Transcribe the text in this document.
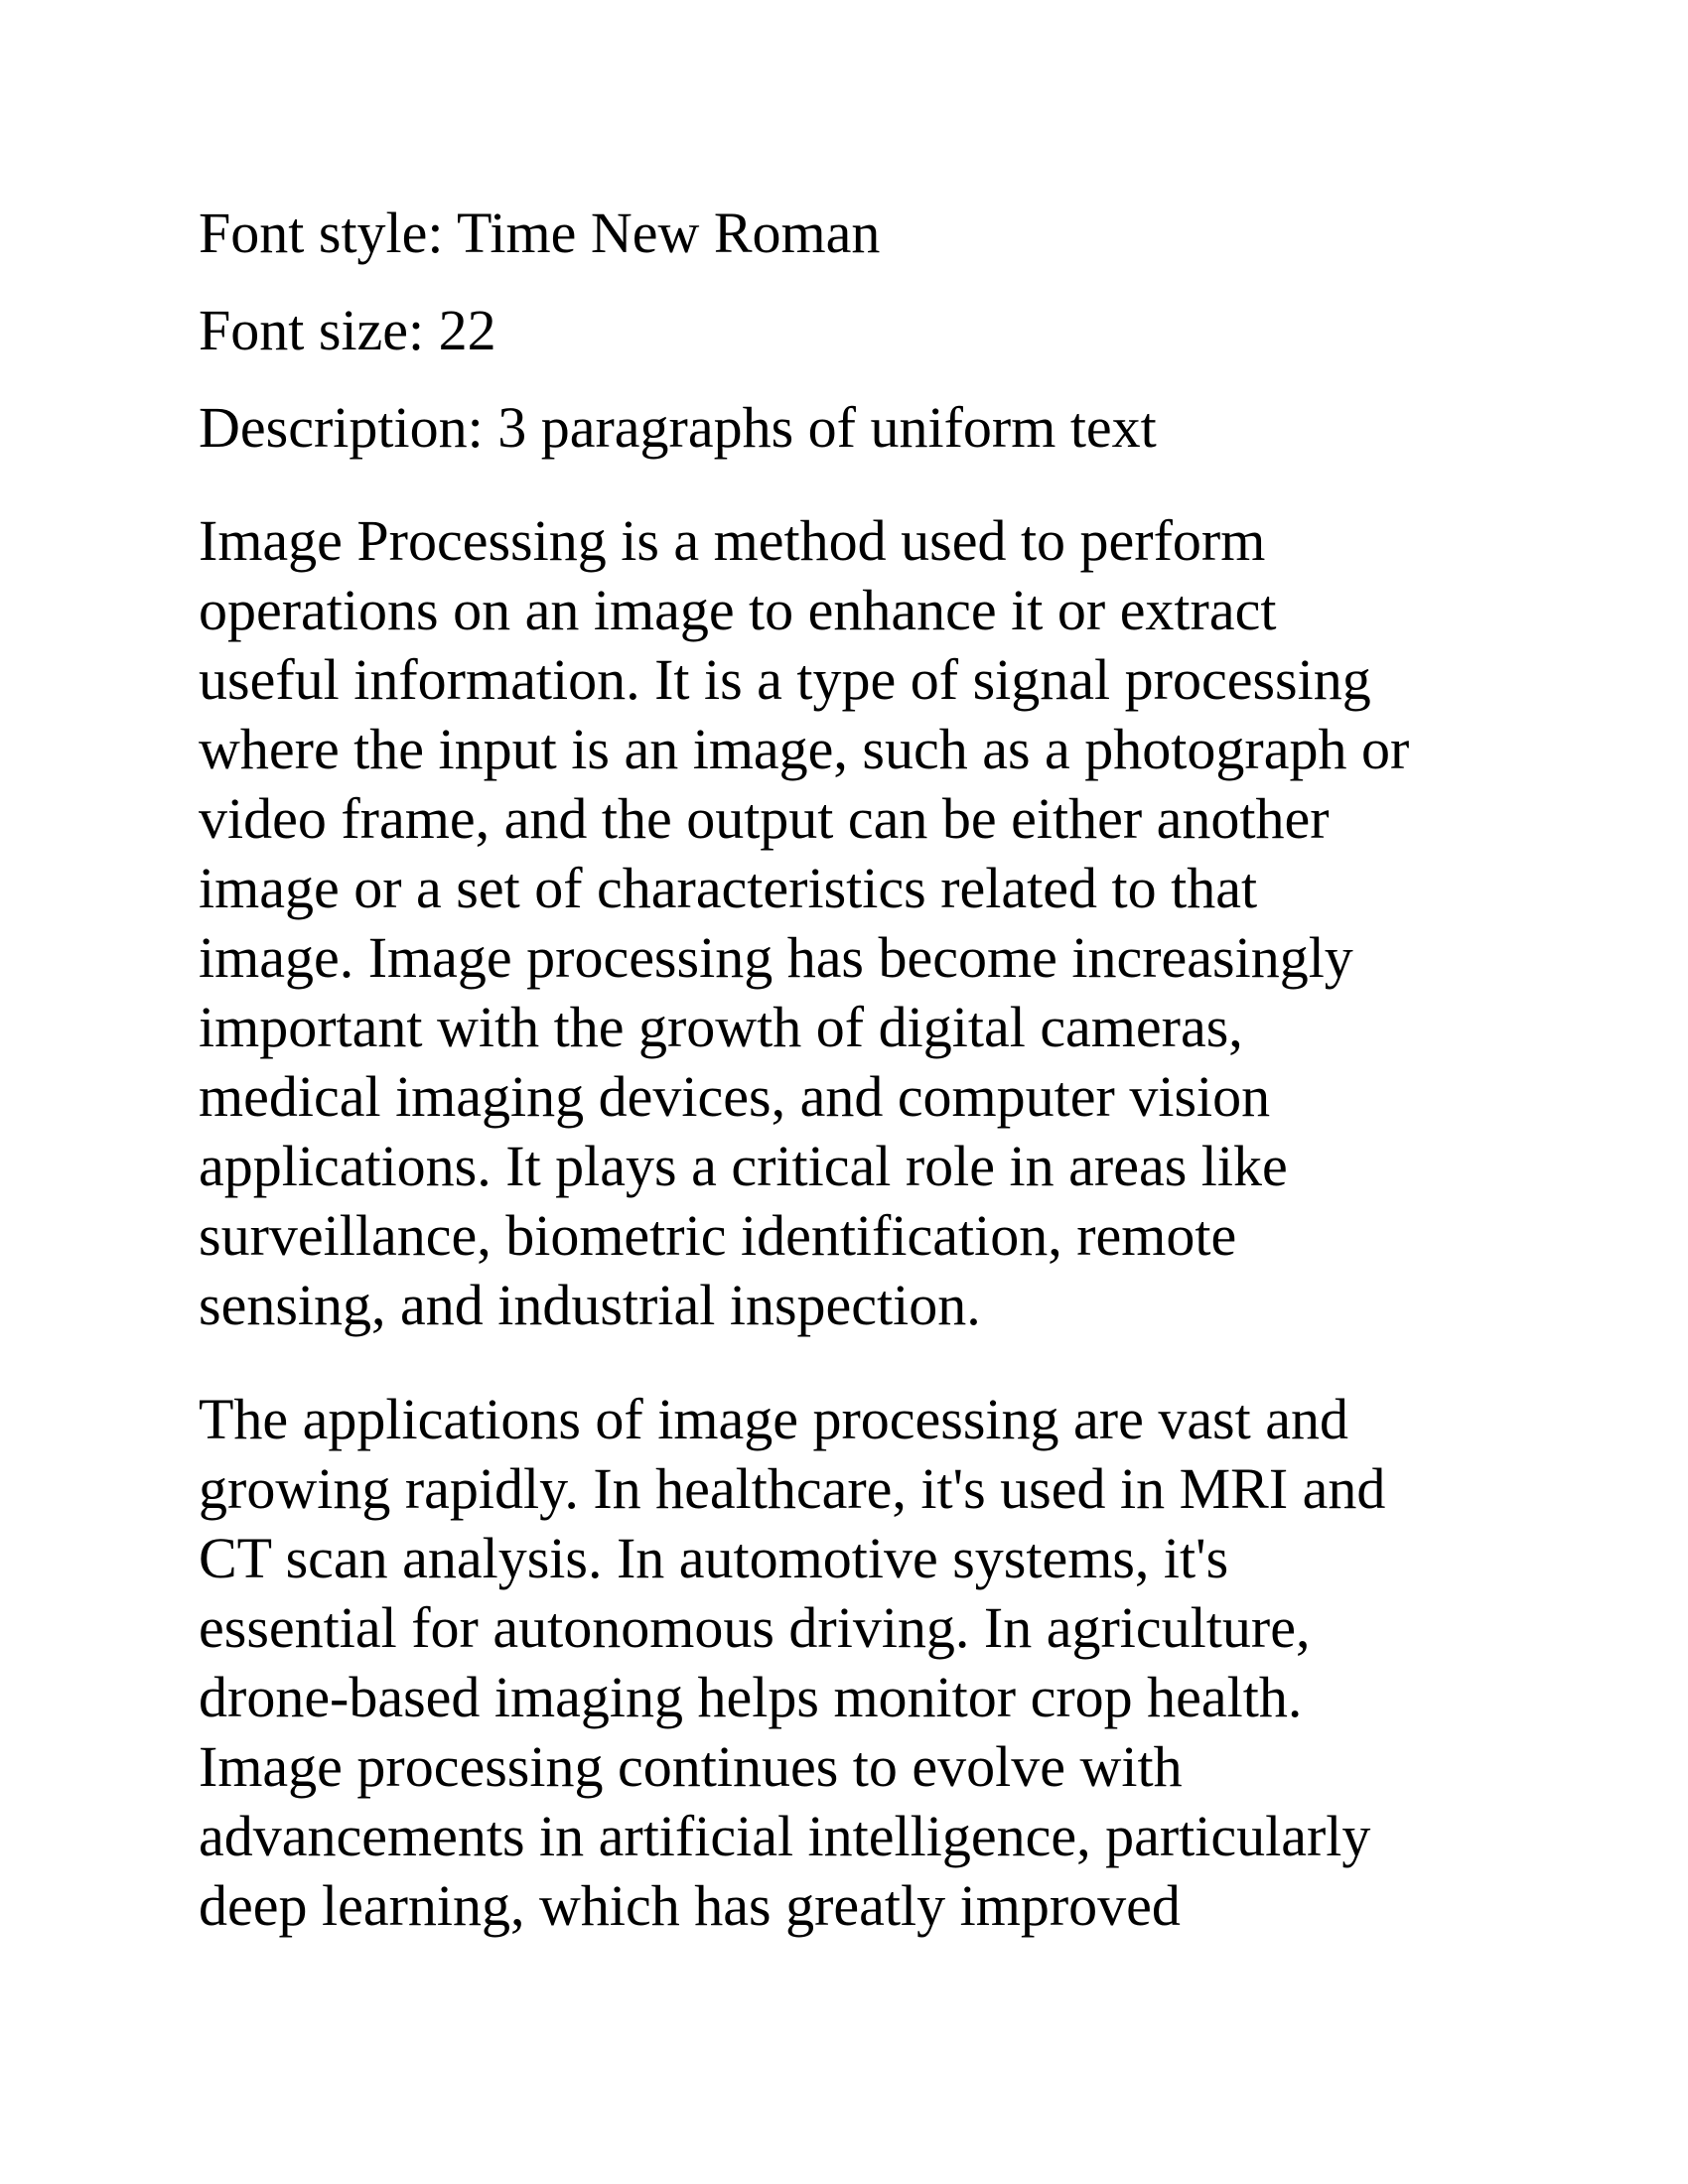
Font style: Time New Roman

Font size: 22

Description: 3 paragraphs of uniform text

Image Processing is a method used to perform

operations on an image to enhance it or extract

useful information. It is a type of signal processing

where the input is an image, such as a photograph or

video frame, and the output can be either another

image or a set of characteristics related to that

image. Image processing has become increasingly

important with the growth of digital cameras,

medical imaging devices, and computer vision

applications. It plays a critical role in areas like

surveillance, biometric identification, remote

sensing, and industrial inspection.

The applications of image processing are vast and

growing rapidly. In healthcare, it's used in MRI and

CT scan analysis. In automotive systems, it's

essential for autonomous driving. In agriculture,

drone-based imaging helps monitor crop health.

Image processing continues to evolve with

advancements in artificial intelligence, particularly

deep learning, which has greatly improved
